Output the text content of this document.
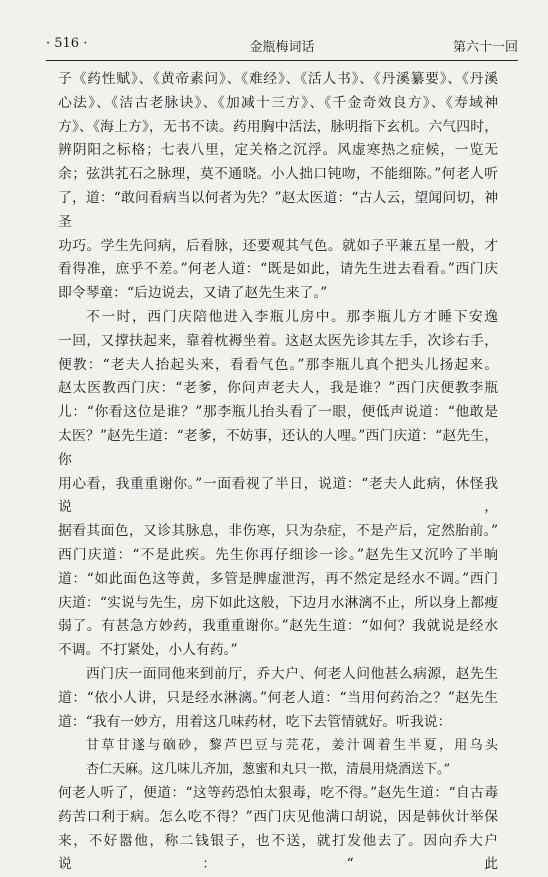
· 516 ·	金瓶梅词话	第六十一回

子《药性赋》、《黄帝素问》、《难经》、《活人书》、《丹溪纂要》、《丹溪

心法》、《洁古老脉诀》、《加减十三方》、《千金奇效良方》、《寿域神

方》、《海上方》，无书不读。药用胸中活法，脉明指下玄机。六气四时，

辨阴阳之标格；七表八里，定关格之沉浮。风虚寒热之症候，一览无

余；弦洪芤石之脉理，莫不通晓。小人拙口钝吻，不能细陈。”何老人听

了，道：“敢问看病当以何者为先？”赵太医道：“古人云，望闻问切，神圣

功巧。学生先问病，后看脉，还要观其气色。就如子平兼五星一般，才

看得准，庶乎不差。”何老人道：“既是如此，请先生进去看看。”西门庆

即令琴童：“后边说去，又请了赵先生来了。”

不一时，西门庆陪他进入李瓶儿房中。那李瓶儿方才睡下安逸

一回，又撑扶起来，靠着枕褥坐着。这赵太医先诊其左手，次诊右手，

便教：“老夫人抬起头来，看看气色。”那李瓶儿真个把头儿扬起来。

赵太医教西门庆：“老爹，你问声老夫人，我是谁？”西门庆便教李瓶

儿：“你看这位是谁？”那李瓶儿抬头看了一眼，便低声说道：“他敢是

太医？”赵先生道：“老爹，不妨事，还认的人哩。”西门庆道：“赵先生，你

用心看，我重重谢你。”一面看视了半日，说道：“老夫人此病，休怪我说，

据看其面色，又诊其脉息，非伤寒，只为杂症，不是产后，定然胎前。”

西门庆道：“不是此疾。先生你再仔细诊一诊。”赵先生又沉吟了半晌

道：“如此面色这等黄，多管是脾虚泄泻，再不然定是经水不调。”西门

庆道：“实说与先生，房下如此这般，下边月水淋漓不止，所以身上都瘦

弱了。有甚急方妙药，我重重谢你。”赵先生道：“如何？我就说是经水

不调。不打紧处，小人有药。”

西门庆一面同他来到前厅，乔大户、何老人问他甚么病源，赵先生

道：“依小人讲，只是经水淋漓。”何老人道：“当用何药治之？”赵先生

道：“我有一妙方，用着这几味药材，吃下去管情就好。听我说：

甘草甘遂与硇砂，黎芦巴豆与芫花，姜汁调着生半夏，用乌头

杏仁天麻。这几味儿齐加，葱蜜和丸只一揿，清晨用烧酒送下。”

何老人听了，便道：“这等药恐怕太狠毒，吃不得。”赵先生道：“自古毒

药苦口利于病。怎么吃不得？”西门庆见他满口胡说，因是韩伙计举保

来，不好嚣他，称二钱银子，也不送，就打发他去了。因向乔大户说：“此
